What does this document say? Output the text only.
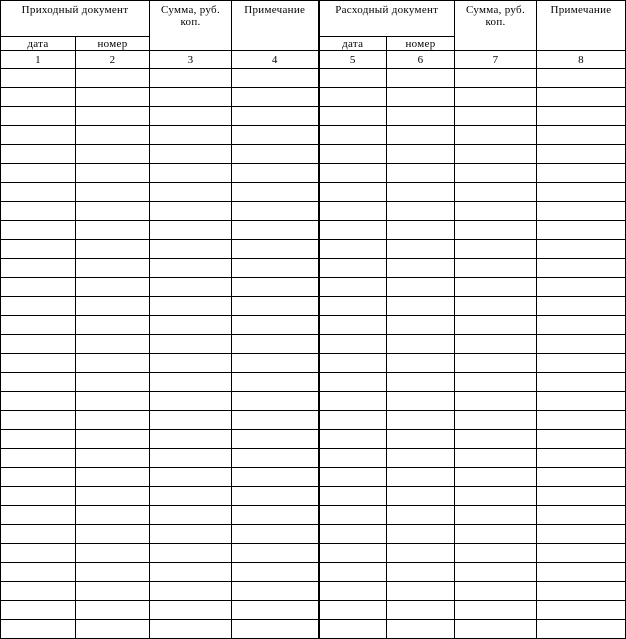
Приходный документ		Сумма, руб. коп.	Примечание	Расходный документ		Сумма, руб. коп.	Примечание
дата	номер			дата	номер		
1	2	3	4	5	6	7	8
